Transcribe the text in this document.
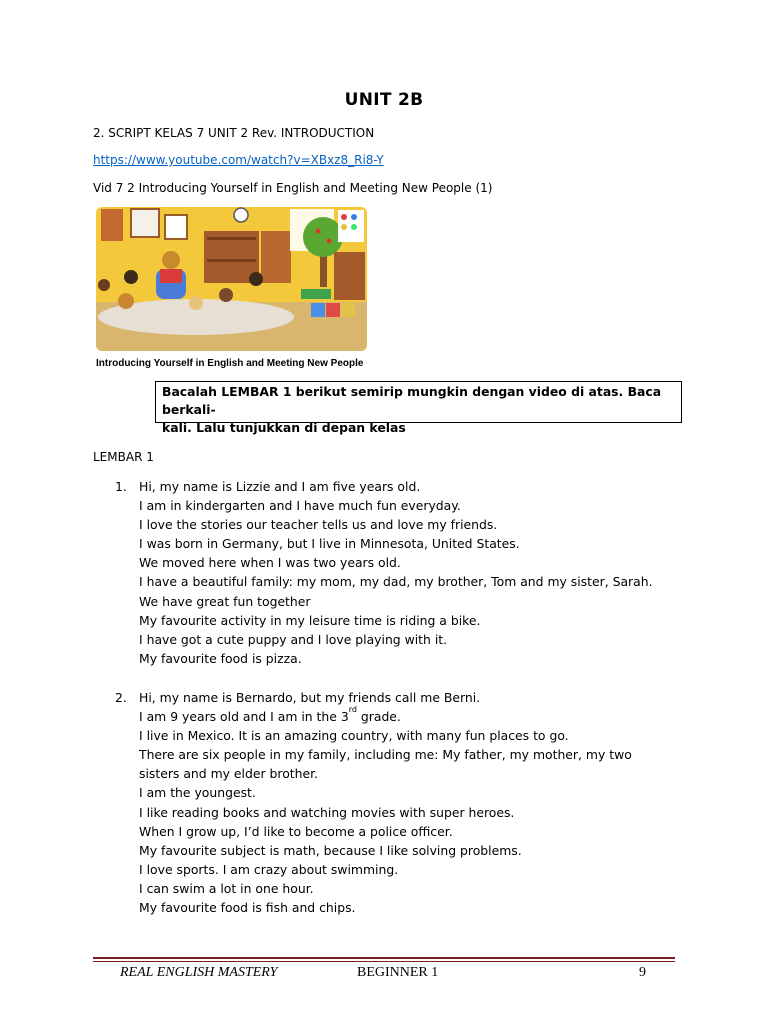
UNIT 2B
2. SCRIPT KELAS 7 UNIT 2 Rev. INTRODUCTION
https://www.youtube.com/watch?v=XBxz8_Ri8-Y
Vid 7 2 Introducing Yourself in English and Meeting New People (1)
Introducing Yourself in English and Meeting New People
Bacalah LEMBAR 1 berikut semirip mungkin dengan video di atas. Baca berkali-
kali. Lalu tunjukkan di depan kelas
LEMBAR 1
1. Hi, my name is Lizzie and I am five years old.
I am in kindergarten and I have much fun everyday.
I love the stories our teacher tells us and love my friends.
I was born in Germany, but I live in Minnesota, United States.
We moved here when I was two years old.
I have a beautiful family: my mom, my dad, my brother, Tom and my sister, Sarah.
We have great fun together
My favourite activity in my leisure time is riding a bike.
I have got a cute puppy and I love playing with it.
My favourite food is pizza.
2. Hi, my name is Bernardo, but my friends call me Berni.
I am 9 years old and I am in the 3rd grade.
I live in Mexico. It is an amazing country, with many fun places to go.
There are six people in my family, including me: My father, my mother, my two
sisters and my elder brother.
I am the youngest.
I like reading books and watching movies with super heroes.
When I grow up, I’d like to become a police officer.
My favourite subject is math, because I like solving problems.
I love sports. I am crazy about swimming.
I can swim a lot in one hour.
My favourite food is fish and chips.
REAL ENGLISH MASTERY	BEGINNER 1	9
